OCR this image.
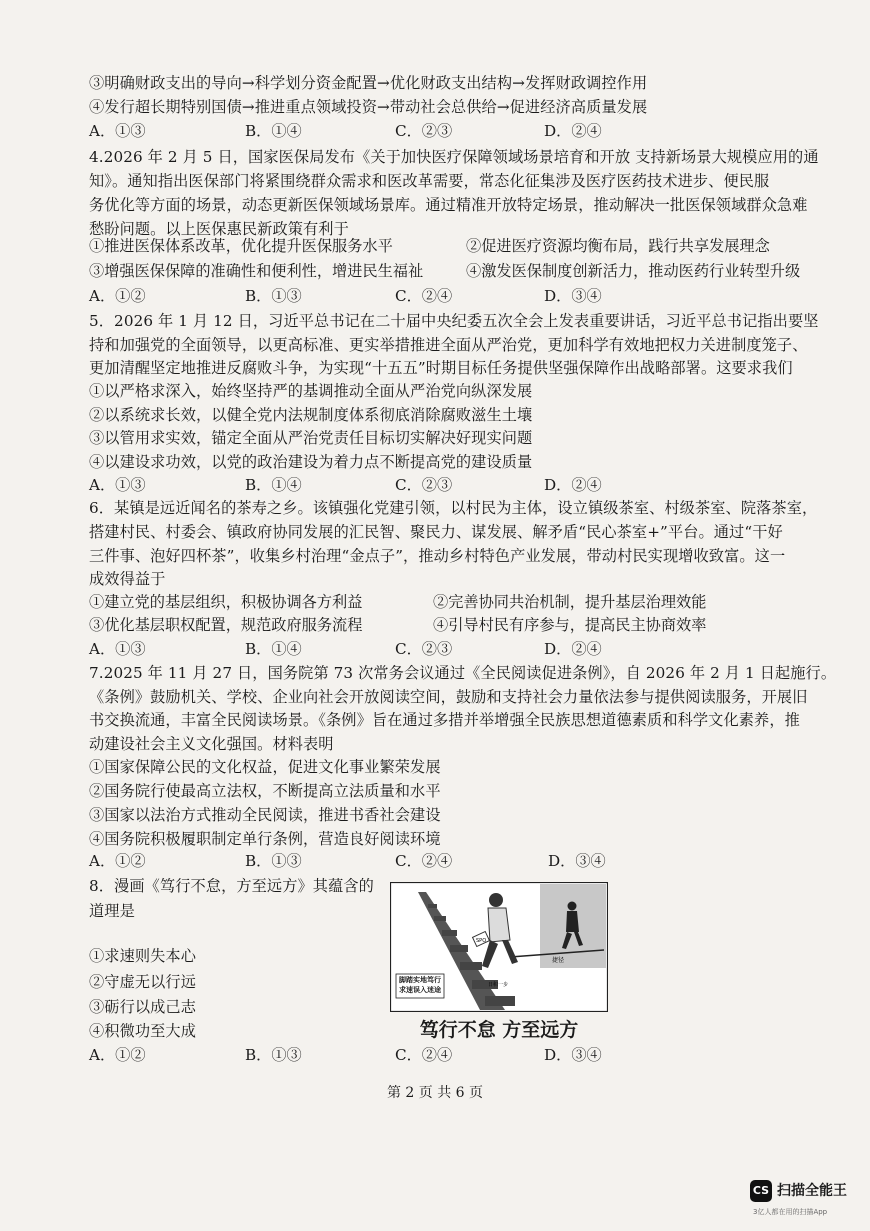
③明确财政支出的导向→科学划分资金配置→优化财政支出结构→发挥财政调控作用
④发行超长期特别国债→推进重点领域投资→带动社会总供给→促进经济高质量发展
A．①③	B．①④	C．②③	D．②④
4.2026 年 2 月 5 日，国家医保局发布《关于加快医疗保障领域场景培育和开放 支持新场景大规模应用的通
知》。通知指出医保部门将紧围绕群众需求和医改革需要，常态化征集涉及医疗医药技术进步、便民服
务优化等方面的场景，动态更新医保领域场景库。通过精准开放特定场景，推动解决一批医保领域群众急难
愁盼问题。以上医保惠民新政策有利于
①推进医保体系改革，优化提升医保服务水平	②促进医疗资源均衡布局，践行共享发展理念
③增强医保保障的准确性和便利性，增进民生福祉	④激发医保制度创新活力，推动医药行业转型升级
A．①②	B．①③	C．②④	D．③④
5．2026 年 1 月 12 日，习近平总书记在二十届中央纪委五次全会上发表重要讲话，习近平总书记指出要坚
持和加强党的全面领导，以更高标准、更实举措推进全面从严治党，更加科学有效地把权力关进制度笼子、
更加清醒坚定地推进反腐败斗争，为实现“十五五”时期目标任务提供坚强保障作出战略部署。这要求我们
①以严格求深入，始终坚持严的基调推动全面从严治党向纵深发展
②以系统求长效，以健全党内法规制度体系彻底消除腐败滋生土壤
③以管用求实效，锚定全面从严治党责任目标切实解决好现实问题
④以建设求功效，以党的政治建设为着力点不断提高党的建设质量
A．①③	B．①④	C．②③	D．②④
6．某镇是远近闻名的茶寿之乡。该镇强化党建引领，以村民为主体，设立镇级茶室、村级茶室、院落茶室，
搭建村民、村委会、镇政府协同发展的汇民智、聚民力、谋发展、解矛盾“民心茶室+”平台。通过“干好
三件事、泡好四杯茶”，收集乡村治理“金点子”，推动乡村特色产业发展，带动村民实现增收致富。这一
成效得益于
①建立党的基层组织，积极协调各方利益	②完善协同共治机制，提升基层治理效能
③优化基层职权配置，规范政府服务流程	④引导村民有序参与，提高民主协商效率
A．①③	B．①④	C．②③	D．②④
7.2025 年 11 月 27 日，国务院第 73 次常务会议通过《全民阅读促进条例》，自 2026 年 2 月 1 日起施行。
《条例》鼓励机关、学校、企业向社会开放阅读空间，鼓励和支持社会力量依法参与提供阅读服务，开展旧
书交换流通，丰富全民阅读场景。《条例》旨在通过多措并举增强全民族思想道德素质和科学文化素养，推
动建设社会主义文化强国。材料表明
①国家保障公民的文化权益，促进文化事业繁荣发展
②国务院行使最高立法权，不断提高立法质量和水平
③国家以法治方式推动全民阅读，推进书香社会建设
④国务院积极履职制定单行条例，营造良好阅读环境
A．①②	B．①③	C．②④	D．③④
8．漫画《笃行不怠，方至远方》其蕴含的
道理是
①求速则失本心
②守虚无以行远
③砺行以成己志
④积微功至大成
A．①②	B．①③	C．②④	D．③④
SPO
捷径
日积一步
脚踏实地笃行 求速误入迷途
笃行不怠 方至远方
第 2 页 共 6 页
CS 扫描全能王
3亿人都在用的扫描App
